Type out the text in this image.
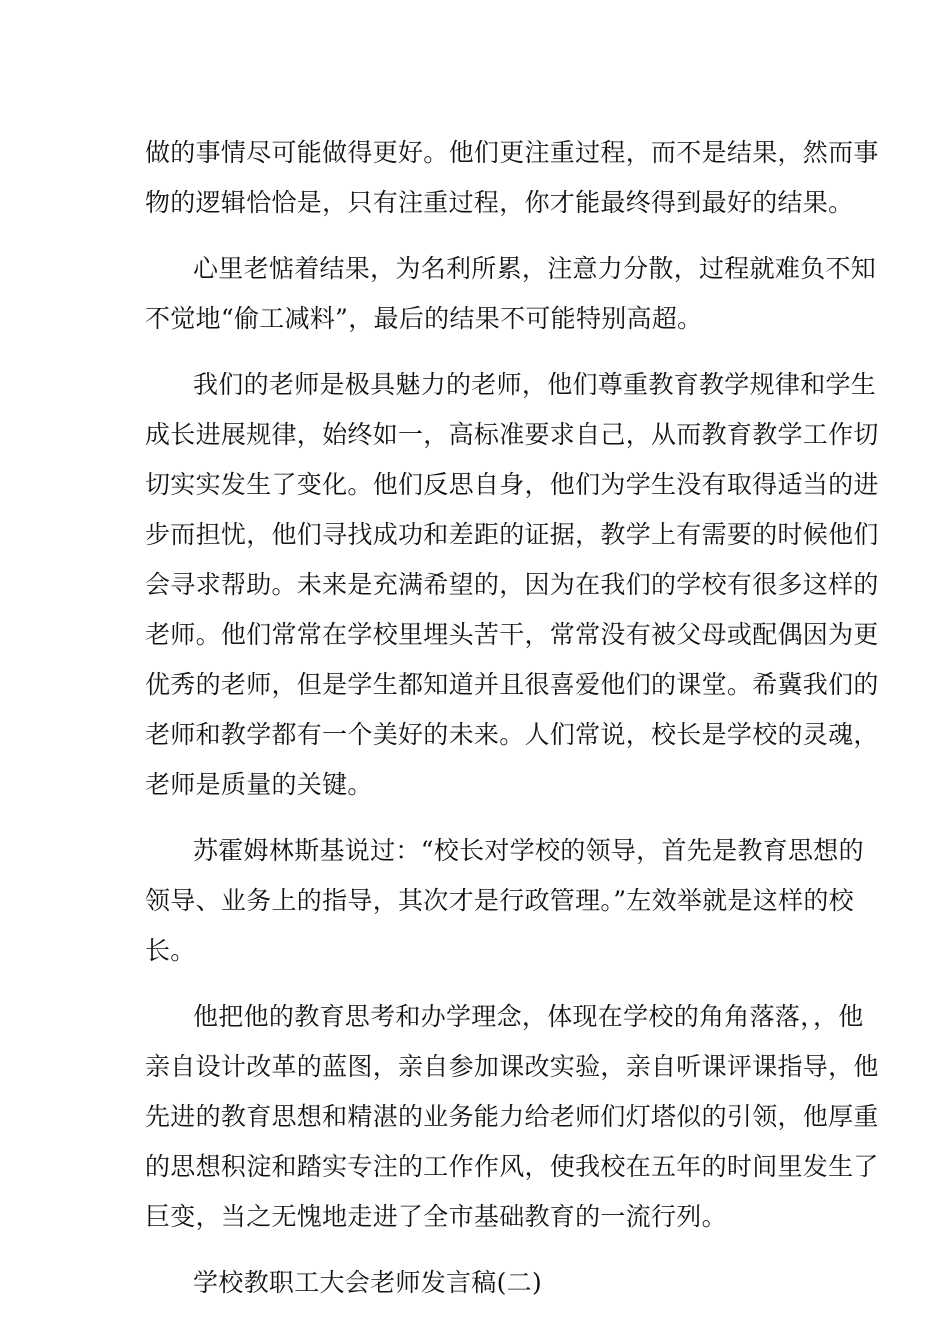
做的事情尽可能做得更好。他们更注重过程，而不是结果，然而事
物的逻辑恰恰是，只有注重过程，你才能最终得到最好的结果。
心里老惦着结果，为名利所累，注意力分散，过程就难负不知
不觉地“偷工减料”，最后的结果不可能特别高超。
我们的老师是极具魅力的老师，他们尊重教育教学规律和学生
成长进展规律，始终如一，高标准要求自己，从而教育教学工作切
切实实发生了变化。他们反思自身，他们为学生没有取得适当的进
步而担忧，他们寻找成功和差距的证据，教学上有需要的时候他们
会寻求帮助。未来是充满希望的，因为在我们的学校有很多这样的
老师。他们常常在学校里埋头苦干，常常没有被父母或配偶因为更
优秀的老师，但是学生都知道并且很喜爱他们的课堂。希冀我们的
老师和教学都有一个美好的未来。人们常说，校长是学校的灵魂，
老师是质量的关键。
苏霍姆林斯基说过：“校长对学校的领导，首先是教育思想的
领导、业务上的指导，其次才是行政管理。”左效举就是这样的校
长。
他把他的教育思考和办学理念，体现在学校的角角落落，，他
亲自设计改革的蓝图，亲自参加课改实验，亲自听课评课指导，他
先进的教育思想和精湛的业务能力给老师们灯塔似的引领，他厚重
的思想积淀和踏实专注的工作作风，使我校在五年的时间里发生了
巨变，当之无愧地走进了全市基础教育的一流行列。
学校教职工大会老师发言稿(二)
